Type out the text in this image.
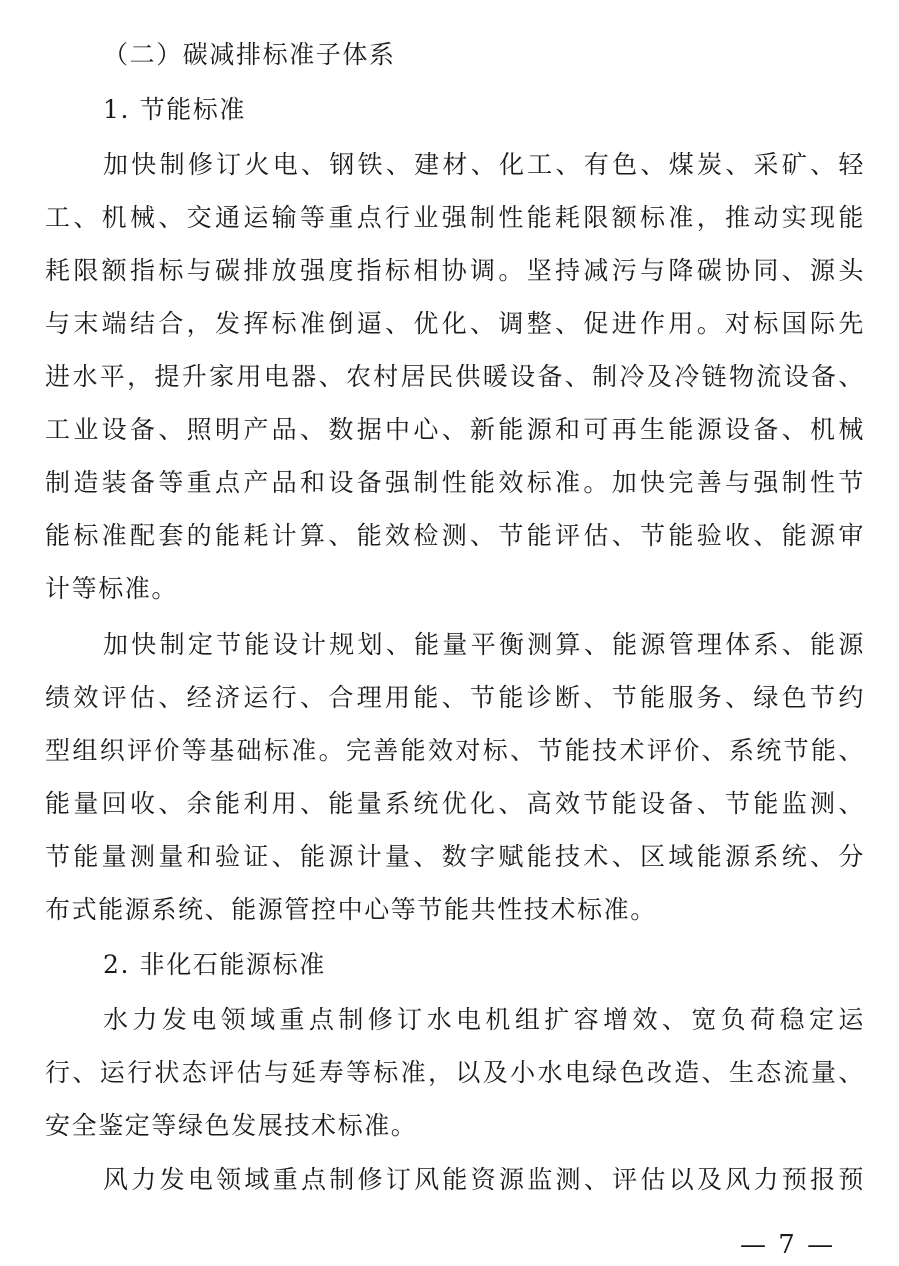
（二）碳减排标准子体系
1. 节能标准
加快制修订火电、钢铁、建材、化工、有色、煤炭、采矿、轻
工、机械、交通运输等重点行业强制性能耗限额标准，推动实现能
耗限额指标与碳排放强度指标相协调。坚持减污与降碳协同、源头
与末端结合，发挥标准倒逼、优化、调整、促进作用。对标国际先
进水平，提升家用电器、农村居民供暖设备、制冷及冷链物流设备、
工业设备、照明产品、数据中心、新能源和可再生能源设备、机械
制造装备等重点产品和设备强制性能效标准。加快完善与强制性节
能标准配套的能耗计算、能效检测、节能评估、节能验收、能源审
计等标准。
加快制定节能设计规划、能量平衡测算、能源管理体系、能源
绩效评估、经济运行、合理用能、节能诊断、节能服务、绿色节约
型组织评价等基础标准。完善能效对标、节能技术评价、系统节能、
能量回收、余能利用、能量系统优化、高效节能设备、节能监测、
节能量测量和验证、能源计量、数字赋能技术、区域能源系统、分
布式能源系统、能源管控中心等节能共性技术标准。
2. 非化石能源标准
水力发电领域重点制修订水电机组扩容增效、宽负荷稳定运
行、运行状态评估与延寿等标准，以及小水电绿色改造、生态流量、
安全鉴定等绿色发展技术标准。
风力发电领域重点制修订风能资源监测、评估以及风力预报预
— 7 —
